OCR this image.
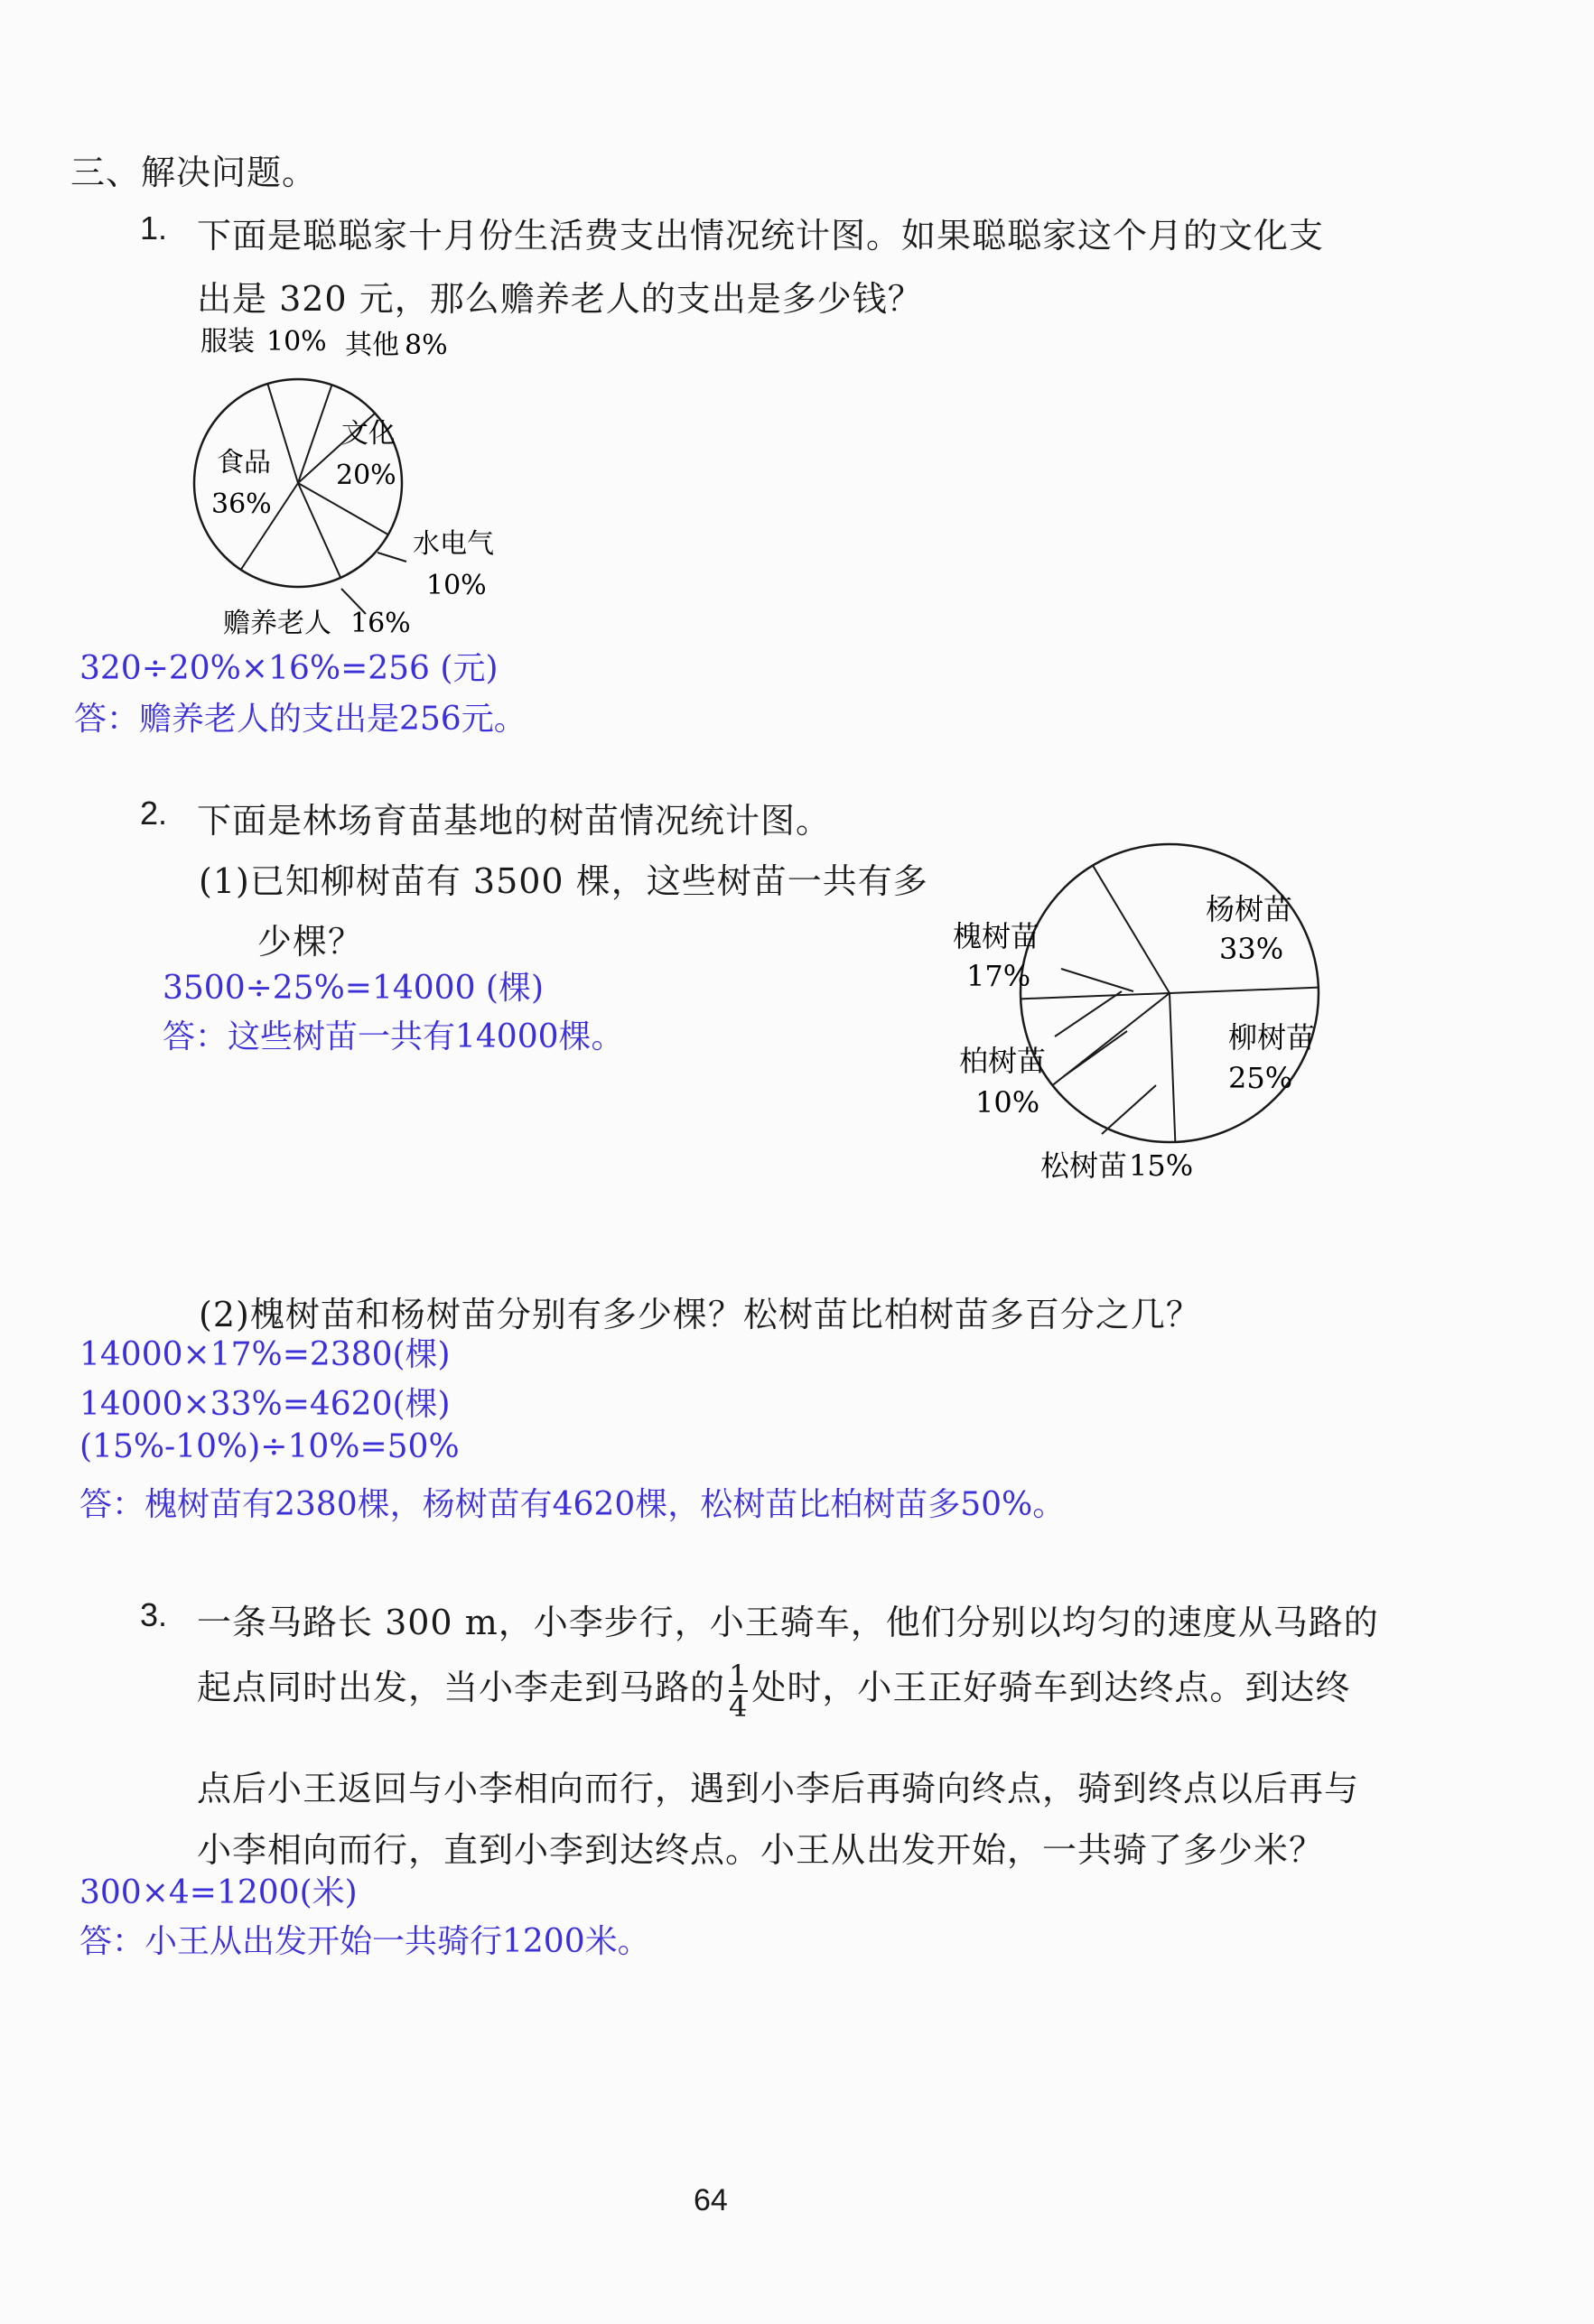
三、解决问题。
1. 下面是聪聪家十月份生活费支出情况统计图。如果聪聪家这个月的文化支
出是 320 元，那么赡养老人的支出是多少钱？
服装 10% 其他 8%
文化
20%
水电气
10%
赡养老人 16%
食品
36%
320÷20%×16%=256 (元)
答：赡养老人的支出是256元。
2. 下面是林场育苗基地的树苗情况统计图。
(1)已知柳树苗有 3500 棵，这些树苗一共有多
少棵？
3500÷25%=14000 (棵)
答：这些树苗一共有14000棵。
杨树苗
33%
柳树苗
25%
松树苗 15%
柏树苗
10%
槐树苗
17%
(2)槐树苗和杨树苗分别有多少棵？松树苗比柏树苗多百分之几？
14000×17%=2380(棵)
14000×33%=4620(棵)
(15%-10%)÷10%=50%
答：槐树苗有2380棵，杨树苗有4620棵，松树苗比柏树苗多50%。
3. 一条马路长 300 m，小李步行，小王骑车，他们分别以均匀的速度从马路的
起点同时出发，当小李走到马路的 $\frac{1}{4}$ 处时，小王正好骑车到达终点。到达终
点后小王返回与小李相向而行，遇到小李后再骑向终点，骑到终点以后再与
小李相向而行，直到小李到达终点。小王从出发开始，一共骑了多少米？
300×4=1200(米)
答：小王从出发开始一共骑行1200米。
64
